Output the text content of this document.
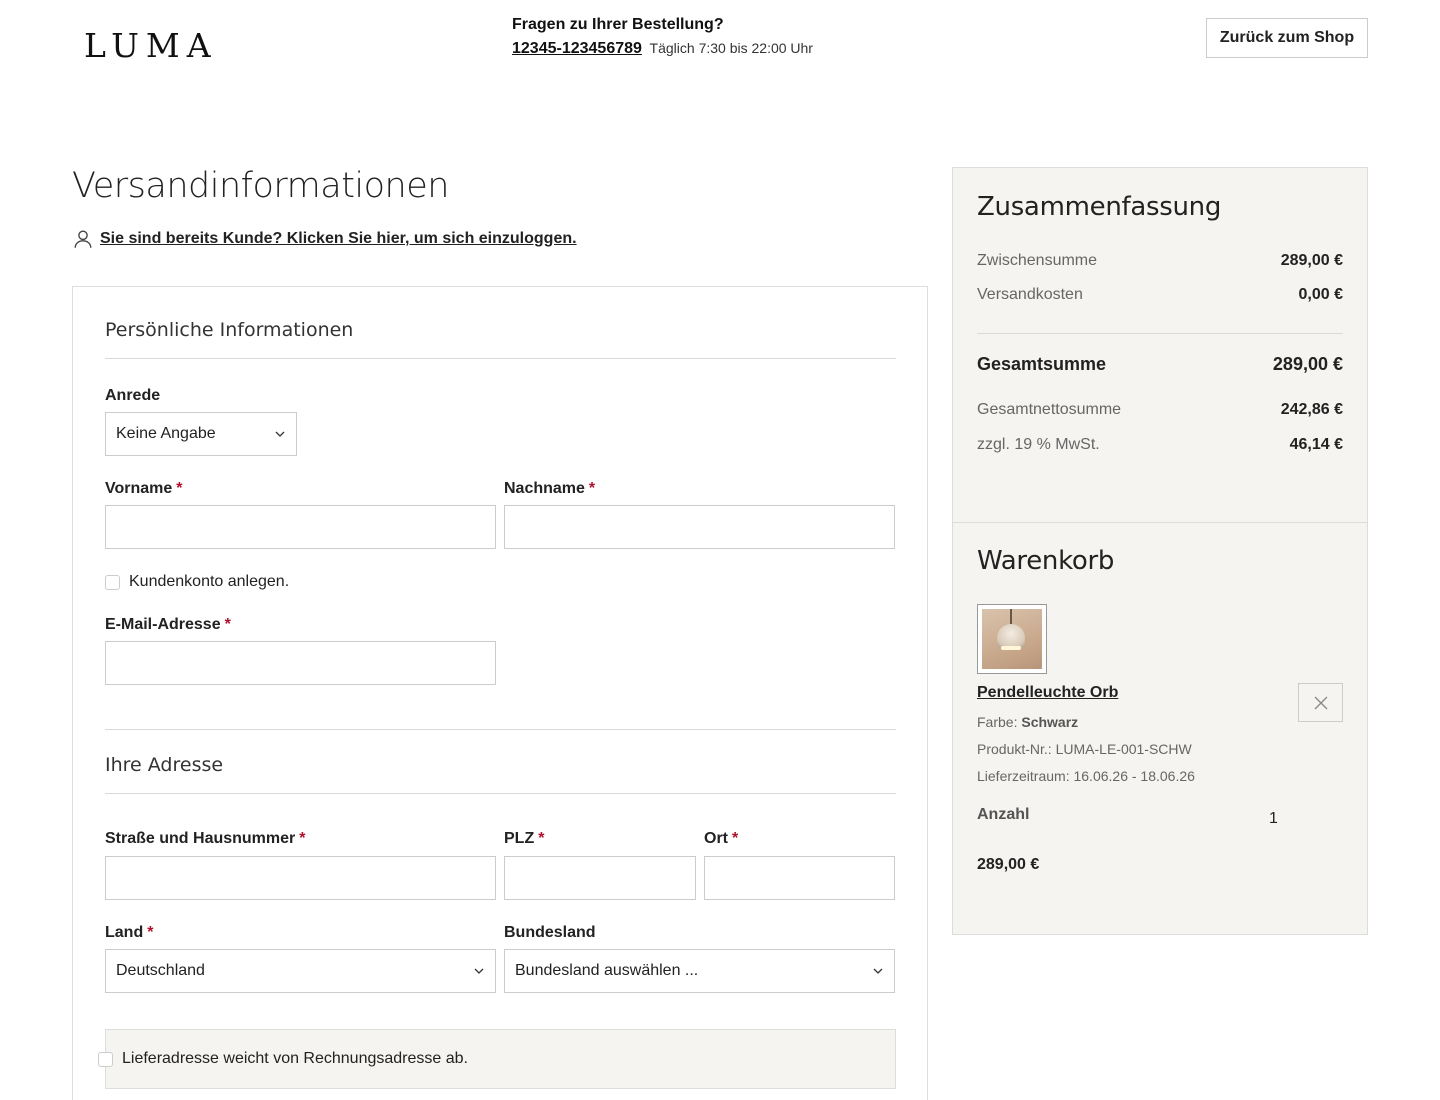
LUMA
Fragen zu Ihrer Bestellung?
12345-123456789 Täglich 7:30 bis 22:00 Uhr
Zurück zum Shop
Versandinformationen
Sie sind bereits Kunde? Klicken Sie hier, um sich einzuloggen.
Persönliche Informationen
Anrede
Keine Angabe
Vorname *	Nachname *
Kundenkonto anlegen.
E-Mail-Adresse *
Ihre Adresse
Straße und Hausnummer *	PLZ *	Ort *
Land *
Deutschland
Bundesland
Bundesland auswählen ...
Lieferadresse weicht von Rechnungsadresse ab.
Zusammenfassung
Zwischensumme	289,00 €
Versandkosten	0,00 €
Gesamtsumme	289,00 €
Gesamtnettosumme	242,86 €
zzgl. 19 % MwSt.	46,14 €
Warenkorb
Pendelleuchte Orb
Farbe: Schwarz
Produkt-Nr.: LUMA-LE-001-SCHW
Lieferzeitraum: 16.06.26 - 18.06.26
Anzahl	1
289,00 €
